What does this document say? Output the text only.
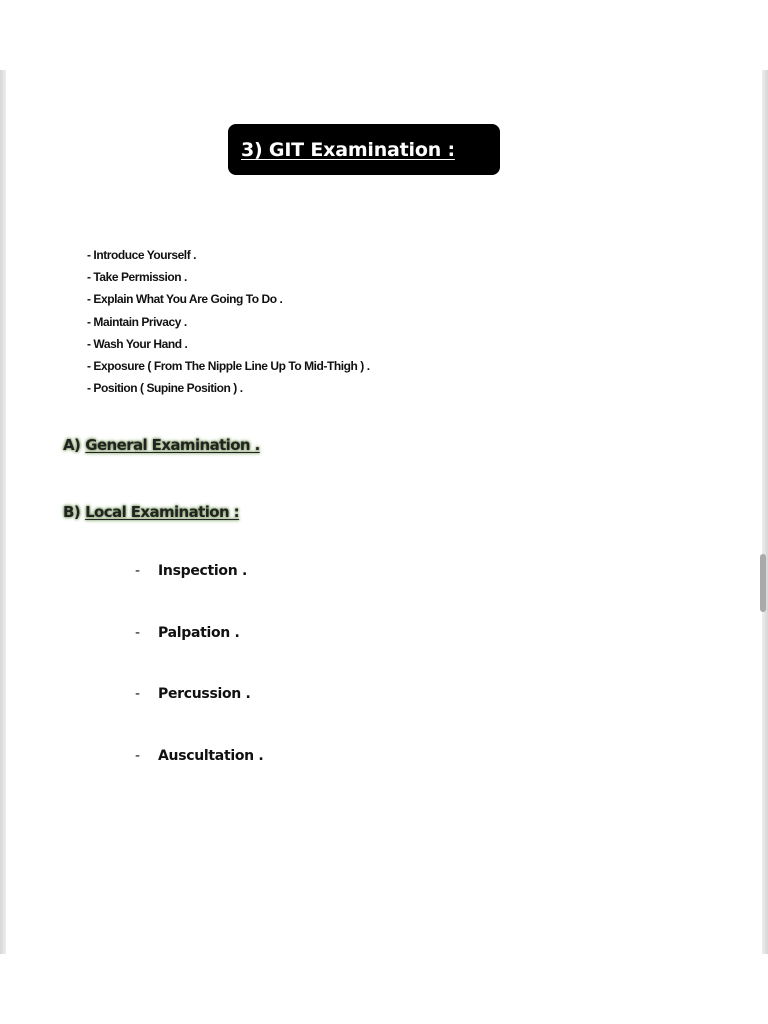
3) GIT Examination :
- Introduce Yourself .
- Take Permission .
- Explain What You Are Going To Do .
- Maintain Privacy .
- Wash Your Hand .
- Exposure ( From The Nipple Line Up To Mid-Thigh ) .
- Position ( Supine Position ) .
A) General Examination .
B) Local Examination :
- Inspection .
- Palpation .
- Percussion .
- Auscultation .
